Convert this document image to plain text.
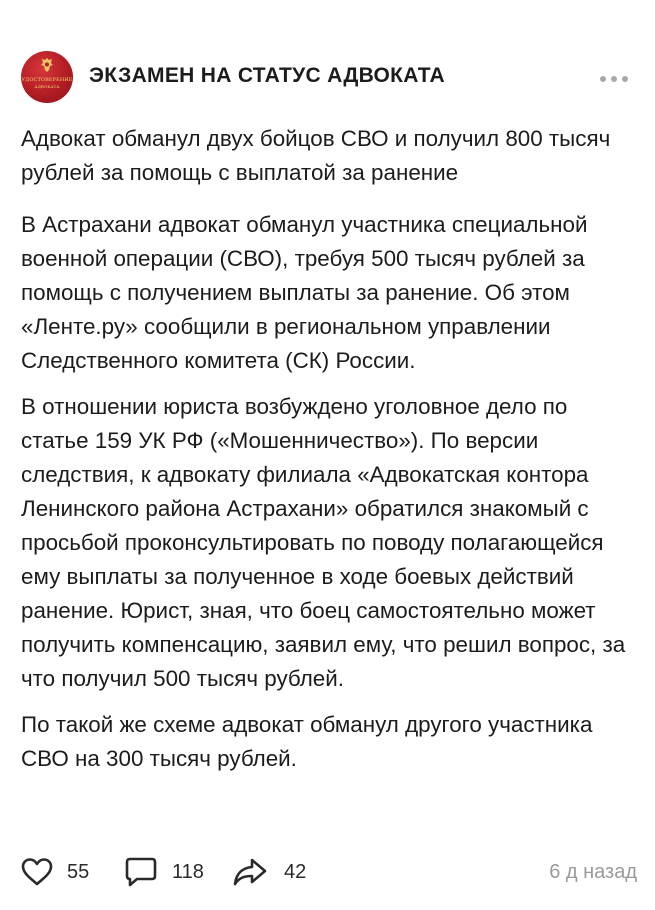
УДОСТОВЕРЕНИЕ
АДВОКАТА	ЭКЗАМЕН НА СТАТУС АДВОКАТА

Адвокат обманул двух бойцов СВО и получил 800 тысяч рублей за помощь с выплатой за ранение

В Астрахани адвокат обманул участника специальной военной операции (СВО), требуя 500 тысяч рублей за помощь с получением выплаты за ранение. Об этом «Ленте.ру» сообщили в региональном управлении Следственного комитета (СК) России.

В отношении юриста возбуждено уголовное дело по статье 159 УК РФ («Мошенничество»). По версии следствия, к адвокату филиала «Адвокатская контора Ленинского района Астрахани» обратился знакомый с просьбой проконсультировать по поводу полагающейся ему выплаты за полученное в ходе боевых действий ранение. Юрист, зная, что боец самостоятельно может получить компенсацию, заявил ему, что решил вопрос, за что получил 500 тысяч рублей.

По такой же схеме адвокат обманул другого участника СВО на 300 тысяч рублей.

55	118	42	6 д назад
